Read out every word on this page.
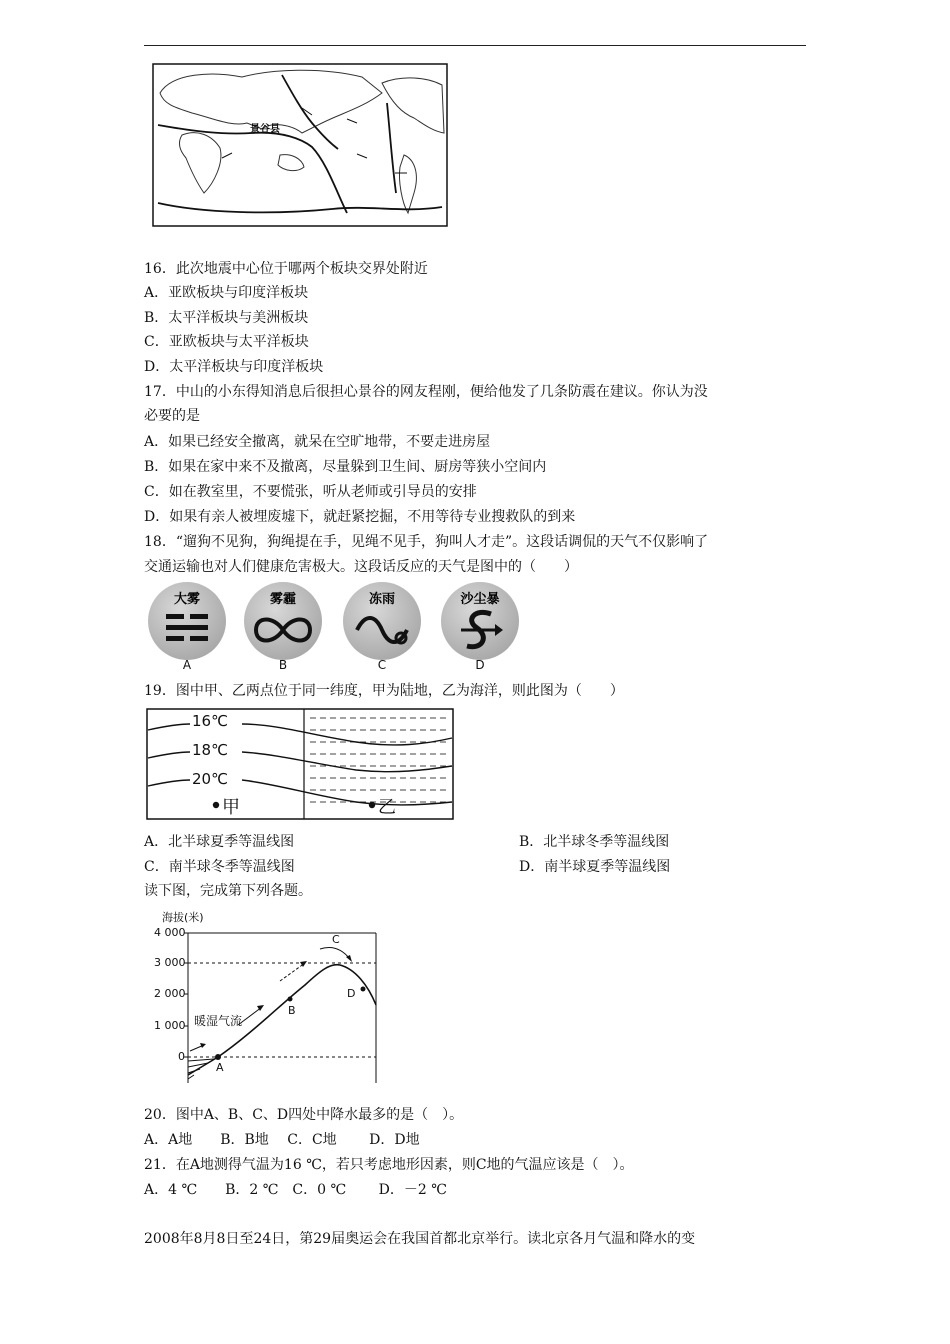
景谷县
16．此次地震中心位于哪两个板块交界处附近
A．亚欧板块与印度洋板块
B．太平洋板块与美洲板块
C．亚欧板块与太平洋板块
D．太平洋板块与印度洋板块
17．中山的小东得知消息后很担心景谷的网友程刚，便给他发了几条防震在建议。你认为没
必要的是
A．如果已经安全撤离，就呆在空旷地带，不要走进房屋
B．如果在家中来不及撤离，尽量躲到卫生间、厨房等狭小空间内
C．如在教室里，不要慌张，听从老师或引导员的安排
D．如果有亲人被埋废墟下，就赶紧挖掘，不用等待专业搜救队的到来
18．“遛狗不见狗，狗绳提在手，见绳不见手，狗叫人才走”。这段话调侃的天气不仅影响了
交通运输也对人们健康危害极大。这段话反应的天气是图中的（　　）
大雾	雾霾	冻雨	沙尘暴
A	B	C	D
19．图中甲、乙两点位于同一纬度，甲为陆地，乙为海洋，则此图为（　　）
16℃
18℃
20℃
甲	乙
A．北半球夏季等温线图	B．北半球冬季等温线图
C．南半球冬季等温线图	D．南半球夏季等温线图
读下图，完成第下列各题。
海拔(米)
4 000
3 000
2 000
1 000
0
暖湿气流
A
B
C
D
20．图中A、B、C、D四处中降水最多的是（　）。
A．A地　　B．B地　 C．C地　　 D．D地
21．在A地测得气温为16 ℃，若只考虑地形因素，则C地的气温应该是（　）。
A．4 ℃　　B．2 ℃　C．0 ℃　　 D．－2 ℃
2008年8月8日至24日，第29届奥运会在我国首都北京举行。读北京各月气温和降水的变
